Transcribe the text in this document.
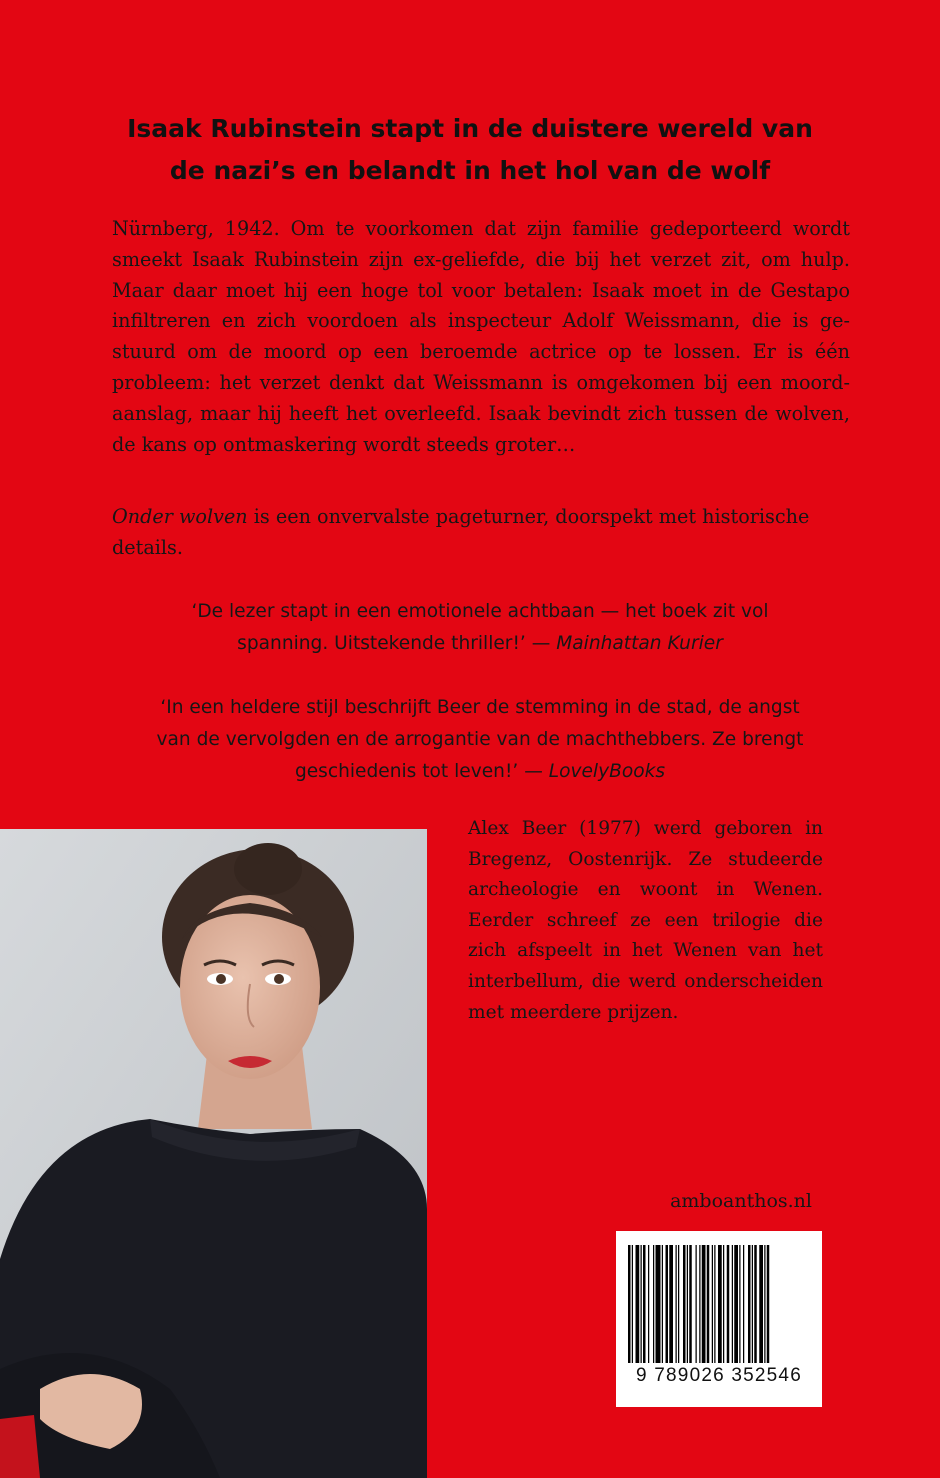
Isaak Rubinstein stapt in de duistere wereld van
de nazi’s en belandt in het hol van de wolf

Nürnberg, 1942. Om te voorkomen dat zijn familie gedeporteerd wordt smeekt Isaak Rubinstein zijn ex-geliefde, die bij het verzet zit, om hulp. Maar daar moet hij een hoge tol voor betalen: Isaak moet in de Gestapo infiltreren en zich voordoen als inspecteur Adolf Weissmann, die is gestuurd om de moord op een beroemde actrice op te lossen. Er is één probleem: het verzet denkt dat Weissmann is omgekomen bij een moordaanslag, maar hij heeft het overleefd. Isaak bevindt zich tussen de wolven, de kans op ontmaskering wordt steeds groter…

Onder wolven is een onvervalste pageturner, doorspekt met historische details.

‘De lezer stapt in een emotionele achtbaan — het boek zit vol
spanning. Uitstekende thriller!’ — Mainhattan Kurier
‘In een heldere stijl beschrijft Beer de stemming in de stad, de angst
van de vervolgden en de arrogantie van de machthebbers. Ze brengt
geschiedenis tot leven!’ — LovelyBooks

Alex Beer (1977) werd geboren in Bregenz, Oostenrijk. Ze studeerde archeologie en woont in Wenen. Eerder schreef ze een trilogie die zich afspeelt in het Wenen van het interbellum, die werd onderscheiden met meerdere prijzen.

amboanthos.nl
9 789026 352546
